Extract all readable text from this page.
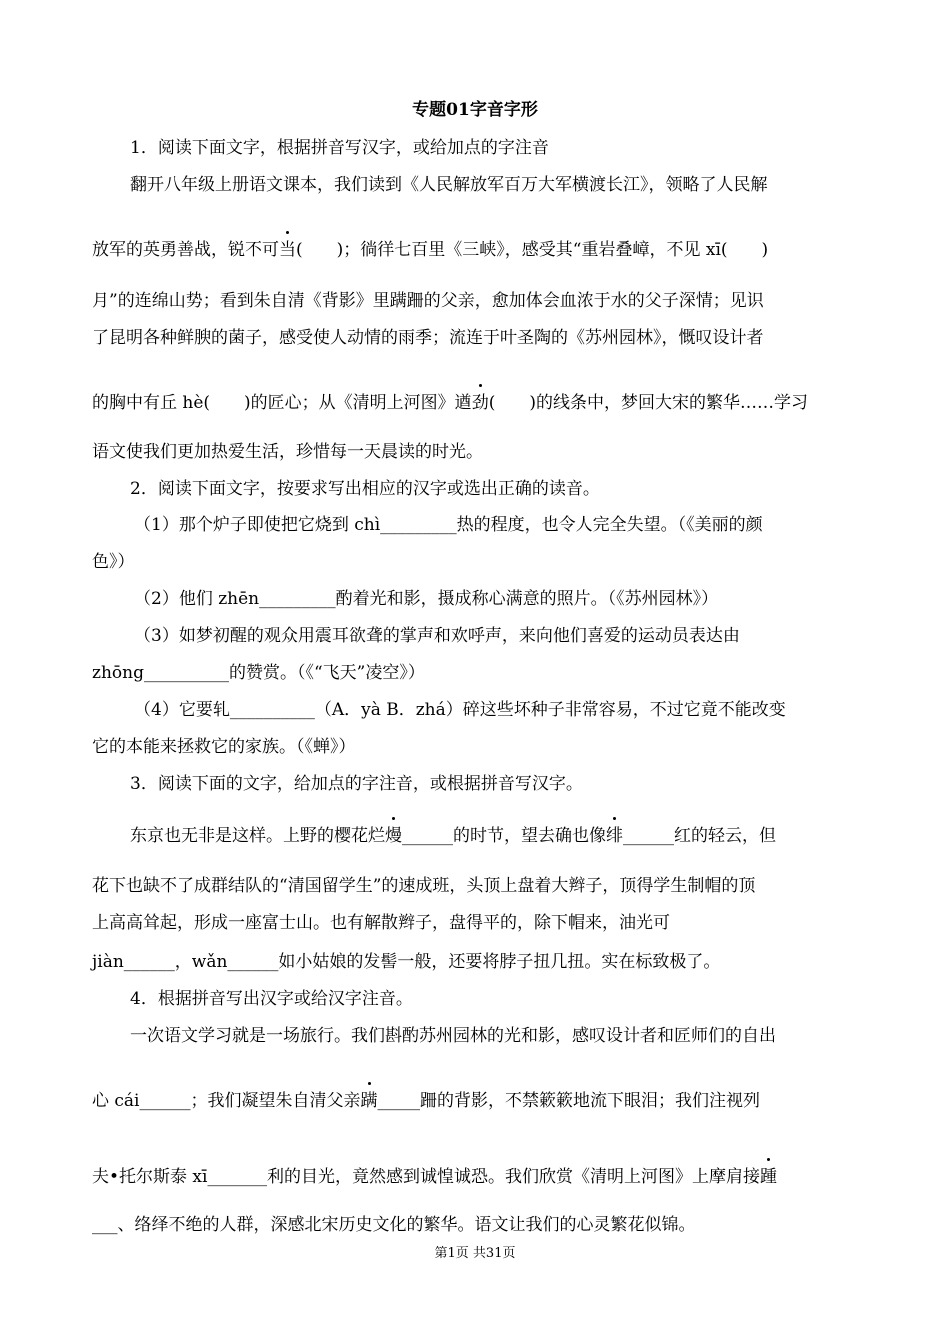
专题01字音字形
1．阅读下面文字，根据拼音写汉字，或给加点的字注音
翻开八年级上册语文课本，我们读到《人民解放军百万大军横渡长江》，领略了人民解
放军的英勇善战，锐不可当(　　)；徜徉七百里《三峡》，感受其“重岩叠嶂，不见 xī(　　)
月”的连绵山势；看到朱自清《背影》里蹒跚的父亲，愈加体会血浓于水的父子深情；见识
了昆明各种鲜腴的菌子，感受使人动情的雨季；流连于叶圣陶的《苏州园林》，慨叹设计者
的胸中有丘 hè(　　)的匠心；从《清明上河图》遒劲(　　)的线条中，梦回大宋的繁华……学习
语文使我们更加热爱生活，珍惜每一天晨读的时光。
2．阅读下面文字，按要求写出相应的汉字或选出正确的读音。
（1）那个炉子即使把它烧到 chì_________热的程度，也令人完全失望。（《美丽的颜
色》）
（2）他们 zhēn_________酌着光和影，摄成称心满意的照片。（《苏州园林》）
（3）如梦初醒的观众用震耳欲聋的掌声和欢呼声，来向他们喜爱的运动员表达由
zhōng__________的赞赏。（《“飞天”凌空》）
（4）它要轧__________（A．yà B．zhá）碎这些坏种子非常容易，不过它竟不能改变
它的本能来拯救它的家族。（《蝉》）
3．阅读下面的文字，给加点的字注音，或根据拼音写汉字。
东京也无非是这样。上野的樱花烂熳______的时节，望去确也像绯______红的轻云，但
花下也缺不了成群结队的“清国留学生”的速成班，头顶上盘着大辫子，顶得学生制帽的顶
上高高耸起，形成一座富士山。也有解散辫子，盘得平的，除下帽来，油光可
jiàn______，wǎn______如小姑娘的发髻一般，还要将脖子扭几扭。实在标致极了。
4．根据拼音写出汉字或给汉字注音。
一次语文学习就是一场旅行。我们斟酌苏州园林的光和影，感叹设计者和匠师们的自出
心 cái______；我们凝望朱自清父亲蹒_____跚的背影，不禁簌簌地流下眼泪；我们注视列
夫•托尔斯泰 xī_______利的目光，竟然感到诚惶诚恐。我们欣赏《清明上河图》上摩肩接踵
___、络绎不绝的人群，深感北宋历史文化的繁华。语文让我们的心灵繁花似锦。
第1页 共31页
